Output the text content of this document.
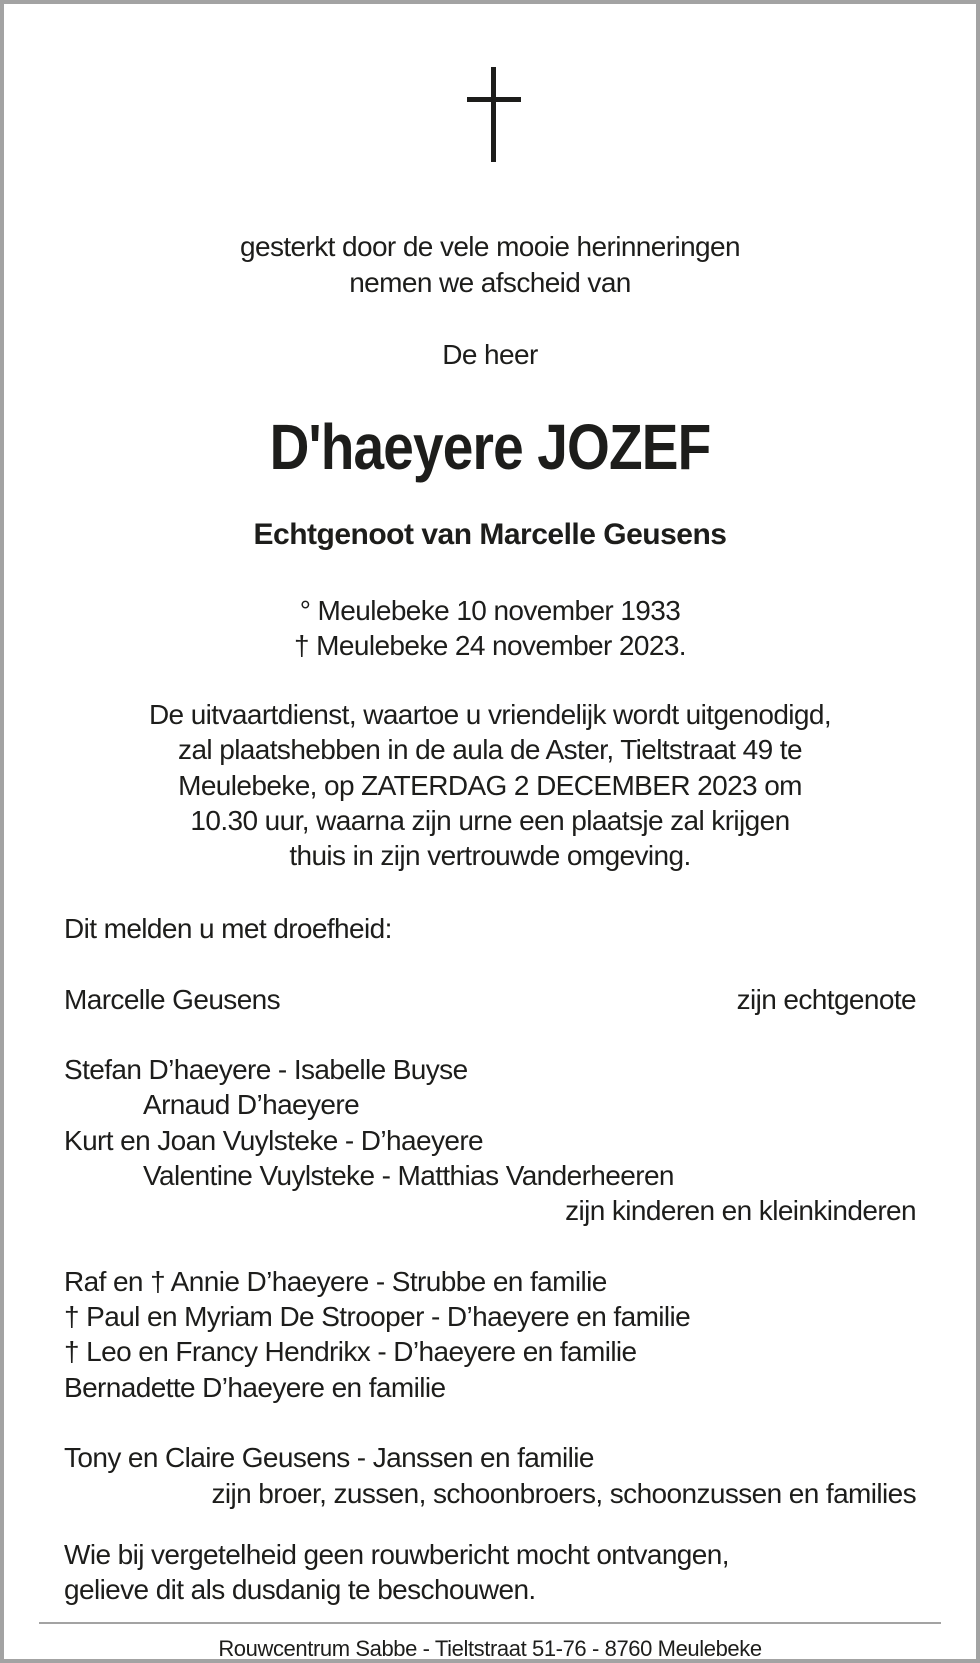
gesterkt door de vele mooie herinneringen
nemen we afscheid van
De heer
D'haeyere JOZEF
Echtgenoot van Marcelle Geusens
° Meulebeke 10 november 1933
† Meulebeke 24 november 2023.
De uitvaartdienst, waartoe u vriendelijk wordt uitgenodigd,
zal plaatshebben in de aula de Aster, Tieltstraat 49 te
Meulebeke, op ZATERDAG 2 DECEMBER 2023 om
10.30 uur, waarna zijn urne een plaatsje zal krijgen
thuis in zijn vertrouwde omgeving.
Dit melden u met droefheid:
Marcelle Geusens	zijn echtgenote
Stefan D’haeyere - Isabelle Buyse
Arnaud D’haeyere
Kurt en Joan Vuylsteke - D’haeyere
Valentine Vuylsteke - Matthias Vanderheeren
zijn kinderen en kleinkinderen
Raf en † Annie D’haeyere - Strubbe en familie
† Paul en Myriam De Strooper - D’haeyere en familie
† Leo en Francy Hendrikx - D’haeyere en familie
Bernadette D’haeyere en familie
Tony en Claire Geusens - Janssen en familie
zijn broer, zussen, schoonbroers, schoonzussen en families
Wie bij vergetelheid geen rouwbericht mocht ontvangen,
gelieve dit als dusdanig te beschouwen.
Rouwcentrum Sabbe - Tieltstraat 51-76 - 8760 Meulebeke
